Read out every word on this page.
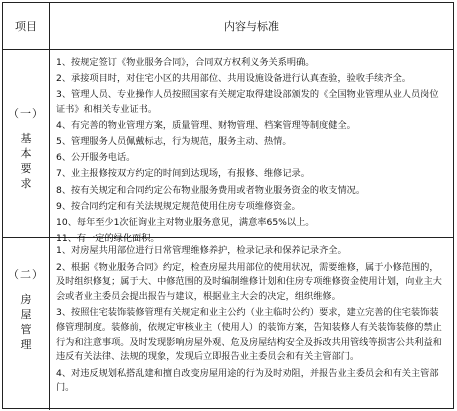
项目	内容与标准
（一）
基
本
要
求
1、按规定签订《物业服务合同》，合同双方权利义务关系明确。
2、承接项目时，对住宅小区的共用部位、共用设施设备进行认真查验，验收手续齐全。
3、管理人员、专业操作人员按照国家有关规定取得建设部颁发的《全国物业管理从业人员岗位证书》和相关专业证书。
4、有完善的物业管理方案，质量管理、财物管理、档案管理等制度健全。
5、管理服务人员佩戴标志，行为规范，服务主动、热情。
6、公开服务电话。
7、业主报修按双方约定的时间到达现场，有报修、维修记录。
8、按有关规定和合同约定公布物业服务费用或者物业服务资金的收支情况。
9、按合同约定和有关法规规定规范使用住房专项维修资金。
10、每年至少1次征询业主对物业服务意见，满意率65%以上。
11、有一定的绿化面积。
（二）
房
屋
管
理
1、对房屋共用部位进行日常管理维修养护，检录记录和保养记录齐全。
2、根据《物业服务合同》约定，检查房屋共用部位的使用状况，需要维修，属于小修范围的，及时组织修复；属于大、中修范围的及时编制维修计划和住房专项维修资金使用计划，向业主大会或者业主委员会提出报告与建议，根据业主大会的决定，组织维修。
3、按照住宅装饰装修管理有关规定和业主公约（业主临时公约）要求，建立完善的住宅装饰装修管理制度。装修前，依规定审核业主（使用人）的装饰方案，告知装修人有关装饰装修的禁止行为和注意事项。及时发现影响房屋外观、危及房屋结构安全及拆改共用管线等损害公共利益和违反有关法律、法规的现象，发现后立即报告业主委员会和有关主管部门。
4、对违反规划私搭乱建和擅自改变房屋用途的行为及时劝阻，并报告业主委员会和有关主管部门。
